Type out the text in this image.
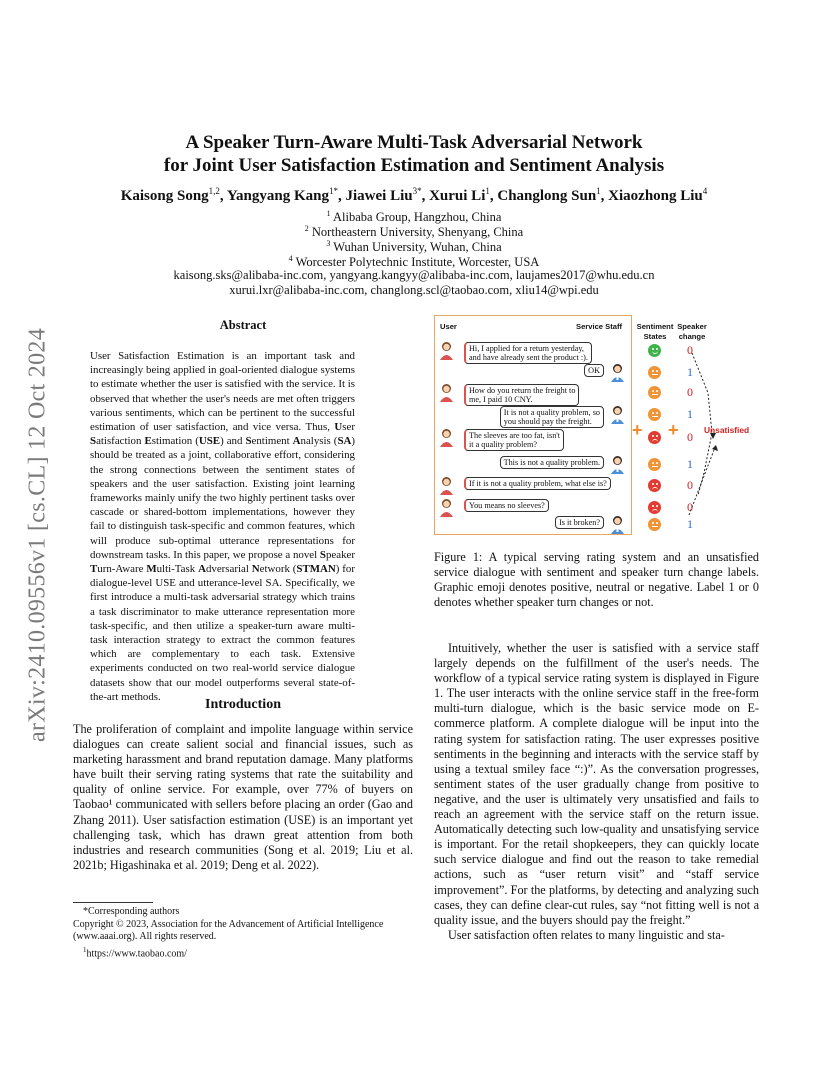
arXiv:2410.09556v1 [cs.CL] 12 Oct 2024
A Speaker Turn-Aware Multi-Task Adversarial Network
for Joint User Satisfaction Estimation and Sentiment Analysis
Kaisong Song$^{1,2}$, Yangyang Kang$^{1*}$, Jiawei Liu$^{3*}$, Xurui Li$^1$, Changlong Sun$^1$, Xiaozhong Liu$^4$
$^1$ Alibaba Group, Hangzhou, China
$^2$ Northeastern University, Shenyang, China
$^3$ Wuhan University, Wuhan, China
$^4$ Worcester Polytechnic Institute, Worcester, USA
kaisong.sks@alibaba-inc.com, yangyang.kangyy@alibaba-inc.com, laujames2017@whu.edu.cn
xurui.lxr@alibaba-inc.com, changlong.scl@taobao.com, xliu14@wpi.edu
Abstract
User Satisfaction Estimation is an important task and increasingly being applied in goal-oriented dialogue systems to estimate whether the user is satisfied with the service. It is observed that whether the user's needs are met often triggers various sentiments, which can be pertinent to the successful estimation of user satisfaction, and vice versa. Thus, User Satisfaction Estimation (USE) and Sentiment Analysis (SA) should be treated as a joint, collaborative effort, considering the strong connections between the sentiment states of speakers and the user satisfaction. Existing joint learning frameworks mainly unify the two highly pertinent tasks over cascade or shared-bottom implementations, however they fail to distinguish task-specific and common features, which will produce sub-optimal utterance representations for downstream tasks. In this paper, we propose a novel Speaker Turn-Aware Multi-Task Adversarial Network (STMAN) for dialogue-level USE and utterance-level SA. Specifically, we first introduce a multi-task adversarial strategy which trains a task discriminator to make utterance representation more task-specific, and then utilize a speaker-turn aware multi-task interaction strategy to extract the common features which are complementary to each task. Extensive experiments conducted on two real-world service dialogue datasets show that our model outperforms several state-of-the-art methods.
Introduction

The proliferation of complaint and impolite language within service dialogues can create salient social and financial issues, such as marketing harassment and brand reputation damage. Many platforms have built their serving rating systems that rate the suitability and quality of online service. For example, over 77% of buyers on Taobao¹ communicated with sellers before placing an order (Gao and Zhang 2011). User satisfaction estimation (USE) is an important yet challenging task, which has drawn great attention from both industries and research communities (Song et al. 2019; Liu et al. 2021b; Higashinaka et al. 2019; Deng et al. 2022).

*Corresponding authors
Copyright © 2023, Association for the Advancement of Artificial Intelligence (www.aaai.org). All rights reserved.
$^1$https://www.taobao.com/
User	Service Staff Sentiment States
Speaker change
Hi, I applied for a return yesterday,
and have already sent the product :).
0
OK	1
How do you return the freight to
me, I paid 10 CNY.
0
It is not a quality problem, so
you should pay the freight.
1
The sleeves are too fat, isn't
it a quality problem?
0
This is not a quality problem.	1
If it is not a quality problem, what else is?	0
You means no sleeves?	0
Is it broken?	1
+ +	Unsatisfied
Figure 1: A typical serving rating system and an unsatisfied service dialogue with sentiment and speaker turn change labels. Graphic emoji denotes positive, neutral or negative. Label 1 or 0 denotes whether speaker turn changes or not.

Intuitively, whether the user is satisfied with a service staff largely depends on the fulfillment of the user's needs. The workflow of a typical service rating system is displayed in Figure 1. The user interacts with the online service staff in the free-form multi-turn dialogue, which is the basic service mode on E-commerce platform. A complete dialogue will be input into the rating system for satisfaction rating. The user expresses positive sentiments in the beginning and interacts with the service staff by using a textual smiley face “:)”. As the conversation progresses, sentiment states of the user gradually change from positive to negative, and the user is ultimately very unsatisfied and fails to reach an agreement with the service staff on the return issue. Automatically detecting such low-quality and unsatisfying service is important. For the retail shopkeepers, they can quickly locate such service dialogue and find out the reason to take remedial actions, such as “user return visit” and “staff service improvement”. For the platforms, by detecting and analyzing such cases, they can define clear-cut rules, say “not fitting well is not a quality issue, and the buyers should pay the freight.”

User satisfaction often relates to many linguistic and sta-
